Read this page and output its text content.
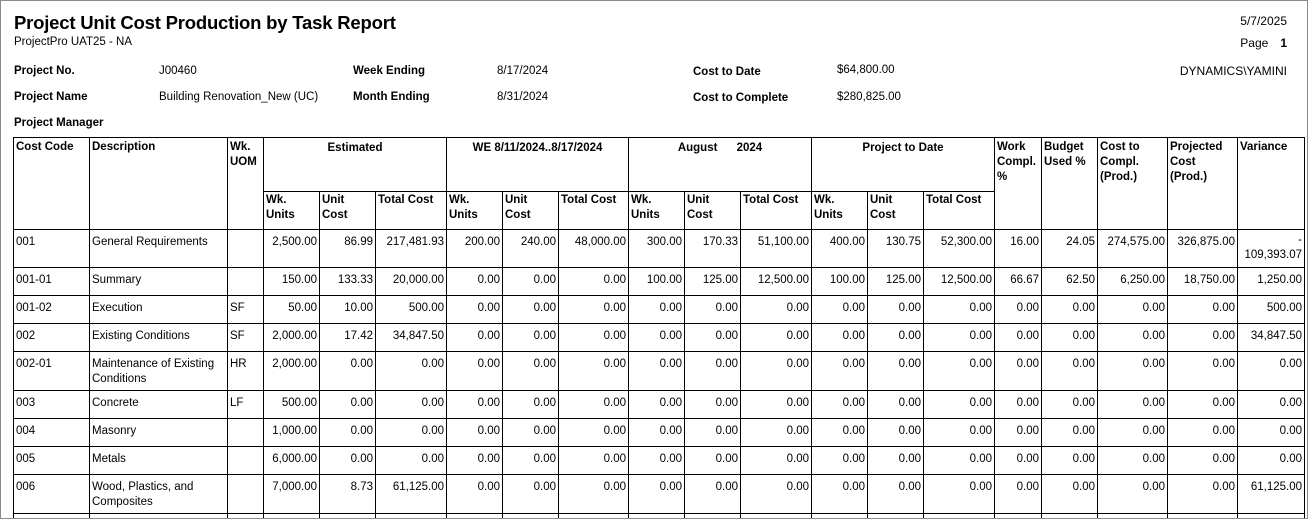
Project Unit Cost Production by Task Report
ProjectPro UAT25 - NA
5/7/2025
Page 1
DYNAMICS\YAMINI
Project No.	J00460
Project Name	Building Renovation_New (UC)
Project Manager
Week Ending	8/17/2024
Month Ending	8/31/2024
Cost to Date	$64,800.00
Cost to Complete	$280,825.00
Cost Code	Description	Wk. UOM	Estimated			WE 8/11/2024..8/17/2024			August      2024			Project to Date			Work Compl. %	Budget Used %	Cost to Compl. (Prod.)	Projected Cost (Prod.)	Variance
			Wk. Units	Unit Cost	Total Cost	Wk. Units	Unit Cost	Total Cost	Wk. Units	Unit Cost	Total Cost	Wk. Units	Unit Cost	Total Cost					
001	General Requirements		2,500.00	86.99	217,481.93	200.00	240.00	48,000.00	300.00	170.33	51,100.00	400.00	130.75	52,300.00	16.00	24.05	274,575.00	326,875.00	-
109,393.07
001-01	Summary		150.00	133.33	20,000.00	0.00	0.00	0.00	100.00	125.00	12,500.00	100.00	125.00	12,500.00	66.67	62.50	6,250.00	18,750.00	1,250.00
001-02	Execution	SF	50.00	10.00	500.00	0.00	0.00	0.00	0.00	0.00	0.00	0.00	0.00	0.00	0.00	0.00	0.00	0.00	500.00
002	Existing Conditions	SF	2,000.00	17.42	34,847.50	0.00	0.00	0.00	0.00	0.00	0.00	0.00	0.00	0.00	0.00	0.00	0.00	0.00	34,847.50
002-01	Maintenance of Existing Conditions	HR	2,000.00	0.00	0.00	0.00	0.00	0.00	0.00	0.00	0.00	0.00	0.00	0.00	0.00	0.00	0.00	0.00	0.00
003	Concrete	LF	500.00	0.00	0.00	0.00	0.00	0.00	0.00	0.00	0.00	0.00	0.00	0.00	0.00	0.00	0.00	0.00	0.00
004	Masonry		1,000.00	0.00	0.00	0.00	0.00	0.00	0.00	0.00	0.00	0.00	0.00	0.00	0.00	0.00	0.00	0.00	0.00
005	Metals		6,000.00	0.00	0.00	0.00	0.00	0.00	0.00	0.00	0.00	0.00	0.00	0.00	0.00	0.00	0.00	0.00	0.00
006	Wood, Plastics, and Composites		7,000.00	8.73	61,125.00	0.00	0.00	0.00	0.00	0.00	0.00	0.00	0.00	0.00	0.00	0.00	0.00	0.00	61,125.00
